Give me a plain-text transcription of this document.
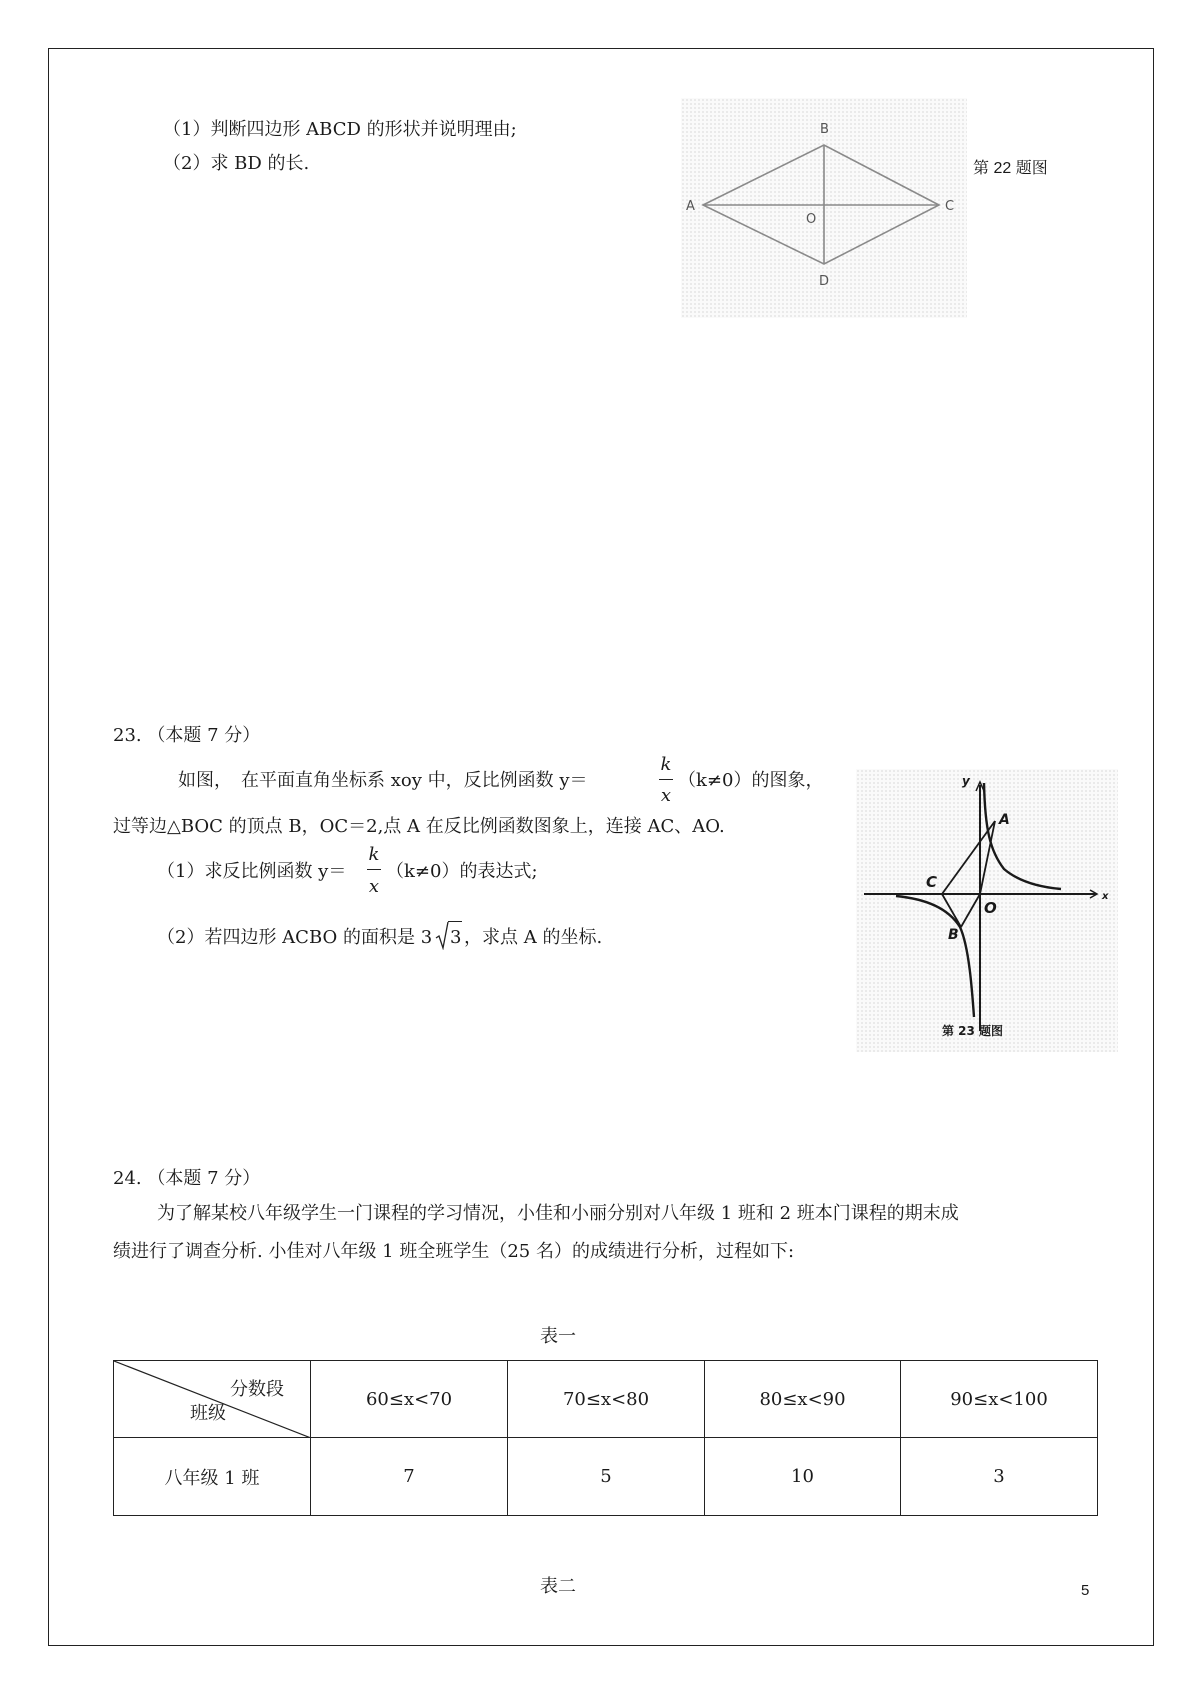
（1）判断四边形 ABCD 的形状并说明理由;
（2）求 BD 的长.
B
A	C
O
D
第 22 题图
23. （本题 7 分）
如图，　在平面直角坐标系 xoy 中，反比例函数 y＝
k
x
（k≠0）的图象，
过等边△BOC 的顶点 B，OC＝2,点 A 在反比例函数图象上，连接 AC、AO.
（1）求反比例函数 y＝
k
x
（k≠0）的表达式;
（2）若四边形 ACBO 的面积是 3 3 ，求点 A 的坐标.
y
x
A
C
O
B
第 23 题图
24. （本题 7 分）
为了解某校八年级学生一门课程的学习情况，小佳和小丽分别对八年级 1 班和 2 班本门课程的期末成
绩进行了调查分析. 小佳对八年级 1 班全班学生（25 名）的成绩进行分析，过程如下:
表一
分数段
班级	60≤x<70	70≤x<80	80≤x<90	90≤x<100
八年级 1 班	7	5	10	3
表二	5
